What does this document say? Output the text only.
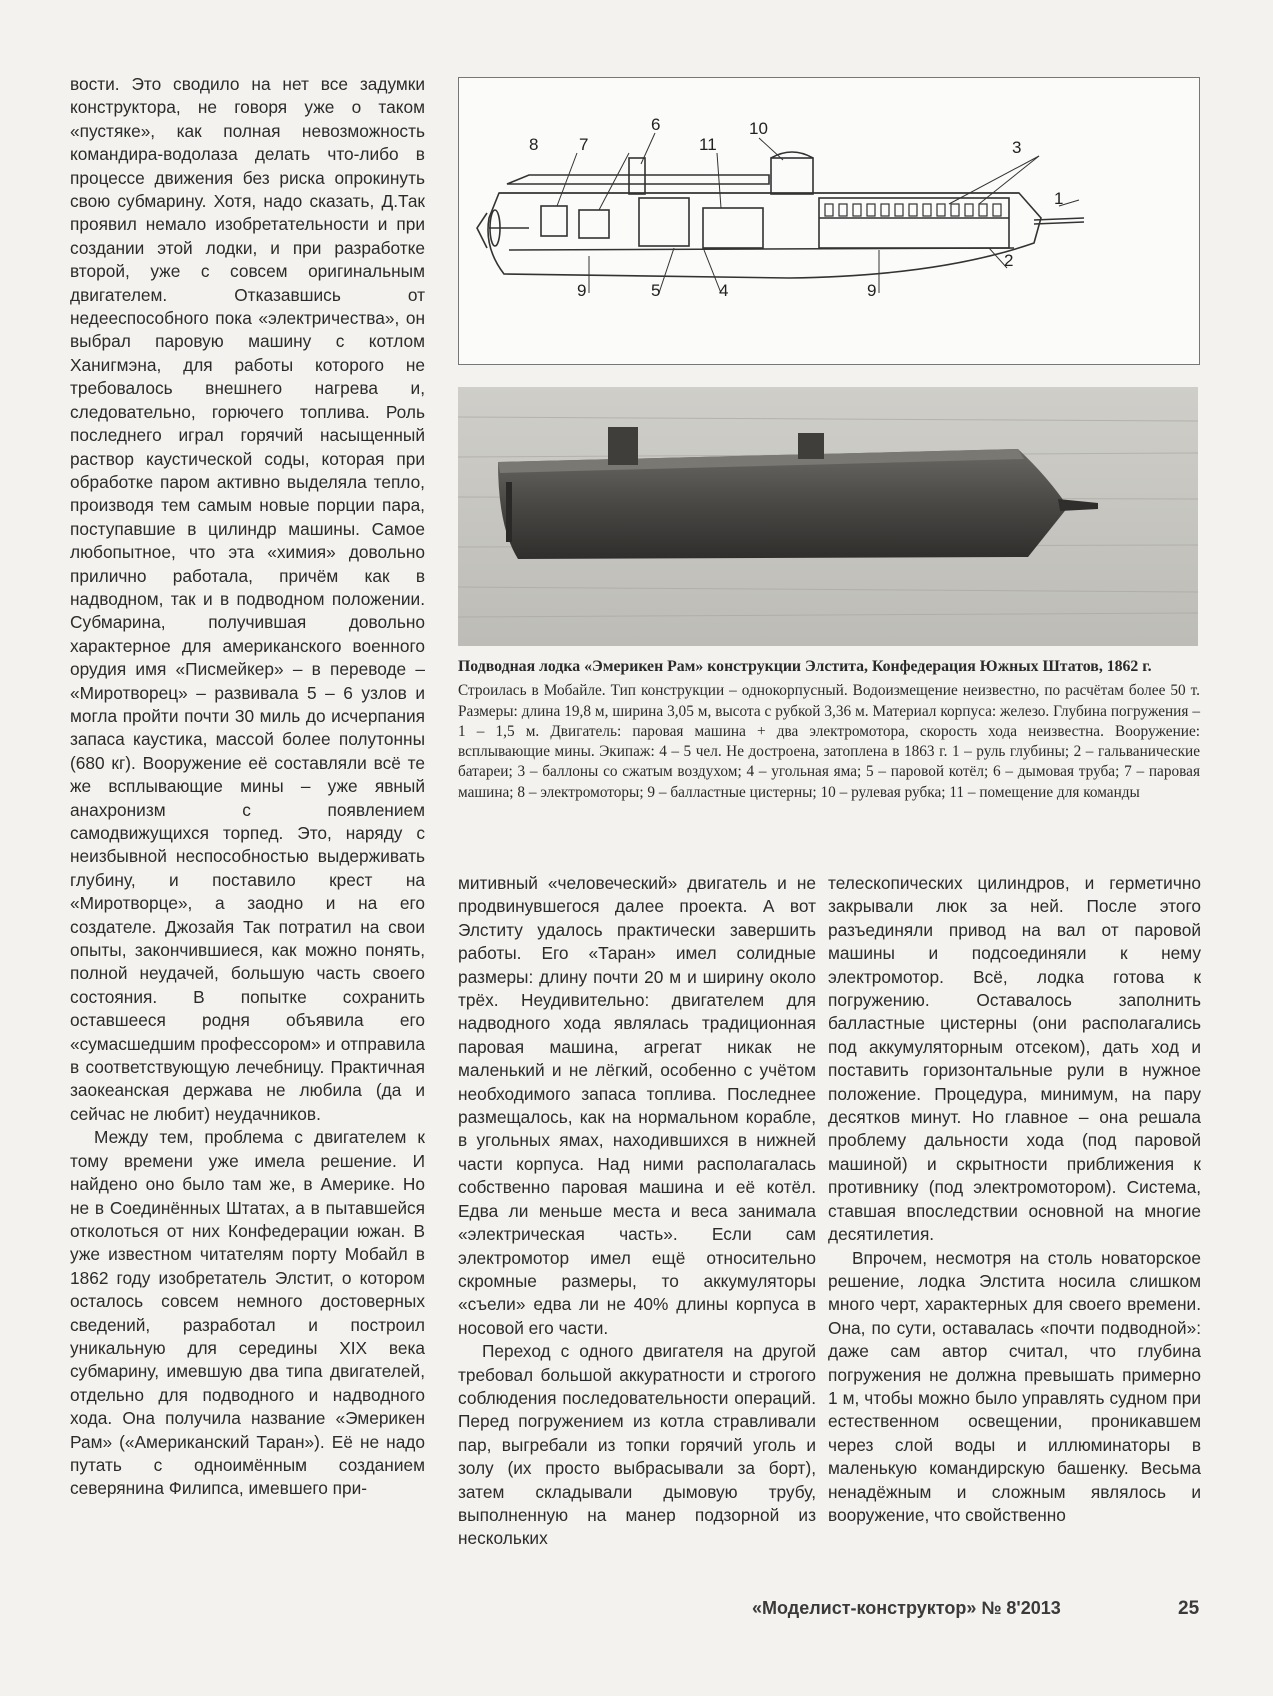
вости. Это сводило на нет все задумки конструктора, не говоря уже о таком «пустяке», как полная невозможность командира-водолаза делать что-либо в процессе движения без риска опрокинуть свою субмарину. Хотя, надо сказать, Д.Так проявил немало изобретательности и при создании этой лодки, и при разработке второй, уже с совсем оригинальным двигателем. Отказавшись от недееспособного пока «электричества», он выбрал паровую машину с котлом Ханигмэна, для работы которого не требовалось внешнего нагрева и, следовательно, горючего топлива. Роль последнего играл горячий насыщенный раствор каустической соды, которая при обработке паром активно выделяла тепло, производя тем самым новые порции пара, поступавшие в цилиндр машины. Самое любопытное, что эта «химия» довольно прилично работала, причём как в надводном, так и в подводном положении. Субмарина, получившая довольно характерное для американского военного орудия имя «Писмейкер» – в переводе – «Миротворец» – развивала 5 – 6 узлов и могла пройти почти 30 миль до исчерпания запаса каустика, массой более полутонны (680 кг). Вооружение её составляли всё те же всплывающие мины – уже явный анахронизм с появлением самодвижущихся торпед. Это, наряду с неизбывной неспособностью выдерживать глубину, и поставило крест на «Миротворце», а заодно и на его создателе. Джозайя Так потратил на свои опыты, закончившиеся, как можно понять, полной неудачей, большую часть своего состояния. В попытке сохранить оставшееся родня объявила его «сумасшедшим профессором» и отправила в соответствующую лечебницу. Практичная заокеанская держава не любила (да и сейчас не любит) неудачников.

Между тем, проблема с двигателем к тому времени уже имела решение. И найдено оно было там же, в Америке. Но не в Соединённых Штатах, а в пытавшейся отколоться от них Конфедерации южан. В уже известном читателям порту Мобайл в 1862 году изобретатель Элстит, о котором осталось совсем немного достоверных сведений, разработал и построил уникальную для середины XIX века субмарину, имевшую два типа двигателей, отдельно для подводного и надводного хода. Она получила название «Эмерикен Рам» («Американский Таран»). Её не надо путать с одноимённым созданием северянина Филипса, имевшего при-

1
2
3
4
5
6
7
8
9	9
10
11

Подводная лодка «Эмерикен Рам» конструкции Элстита, Конфедерация Южных Штатов, 1862 г.

Строилась в Мобайле. Тип конструкции – однокорпусный. Водоизмещение неизвестно, по расчётам более 50 т. Размеры: длина 19,8 м, ширина 3,05 м, высота с рубкой 3,36 м. Материал корпуса: железо. Глубина погружения – 1 – 1,5 м. Двигатель: паровая машина + два электромотора, скорость хода неизвестна. Вооружение: всплывающие мины. Экипаж: 4 – 5 чел. Не достроена, затоплена в 1863 г. 1 – руль глубины; 2 – гальванические батареи; 3 – баллоны со сжатым воздухом; 4 – угольная яма; 5 – паровой котёл; 6 – дымовая труба; 7 – паровая машина; 8 – электромоторы; 9 – балластные цистерны; 10 – рулевая рубка; 11 – помещение для команды

митивный «человеческий» двигатель и не продвинувшегося далее проекта. А вот Элститу удалось практически завершить работы. Его «Таран» имел солидные размеры: длину почти 20 м и ширину около трёх. Неудивительно: двигателем для надводного хода являлась традиционная паровая машина, агрегат никак не маленький и не лёгкий, особенно с учётом необходимого запаса топлива. Последнее размещалось, как на нормальном корабле, в угольных ямах, находившихся в нижней части корпуса. Над ними располагалась собственно паровая машина и её котёл. Едва ли меньше места и веса занимала «электрическая часть». Если сам электромотор имел ещё относительно скромные размеры, то аккумуляторы «съели» едва ли не 40% длины корпуса в носовой его части.

Переход с одного двигателя на другой требовал большой аккуратности и строгого соблюдения последовательности операций. Перед погружением из котла стравливали пар, выгребали из топки горячий уголь и золу (их просто выбрасывали за борт), затем складывали дымовую трубу, выполненную на манер подзорной из нескольких

телескопических цилиндров, и герметично закрывали люк за ней. После этого разъединяли привод на вал от паровой машины и подсоединяли к нему электромотор. Всё, лодка готова к погружению. Оставалось заполнить балластные цистерны (они располагались под аккумуляторным отсеком), дать ход и поставить горизонтальные рули в нужное положение. Процедура, минимум, на пару десятков минут. Но главное – она решала проблему дальности хода (под паровой машиной) и скрытности приближения к противнику (под электромотором). Система, ставшая впоследствии основной на многие десятилетия.

Впрочем, несмотря на столь новаторское решение, лодка Элстита носила слишком много черт, характерных для своего времени. Она, по сути, оставалась «почти подводной»: даже сам автор считал, что глубина погружения не должна превышать примерно 1 м, чтобы можно было управлять судном при естественном освещении, проникавшем через слой воды и иллюминаторы в маленькую командирскую башенку. Весьма ненадёжным и сложным являлось и вооружение, что свойственно

«Моделист-конструктор» № 8'2013	25
